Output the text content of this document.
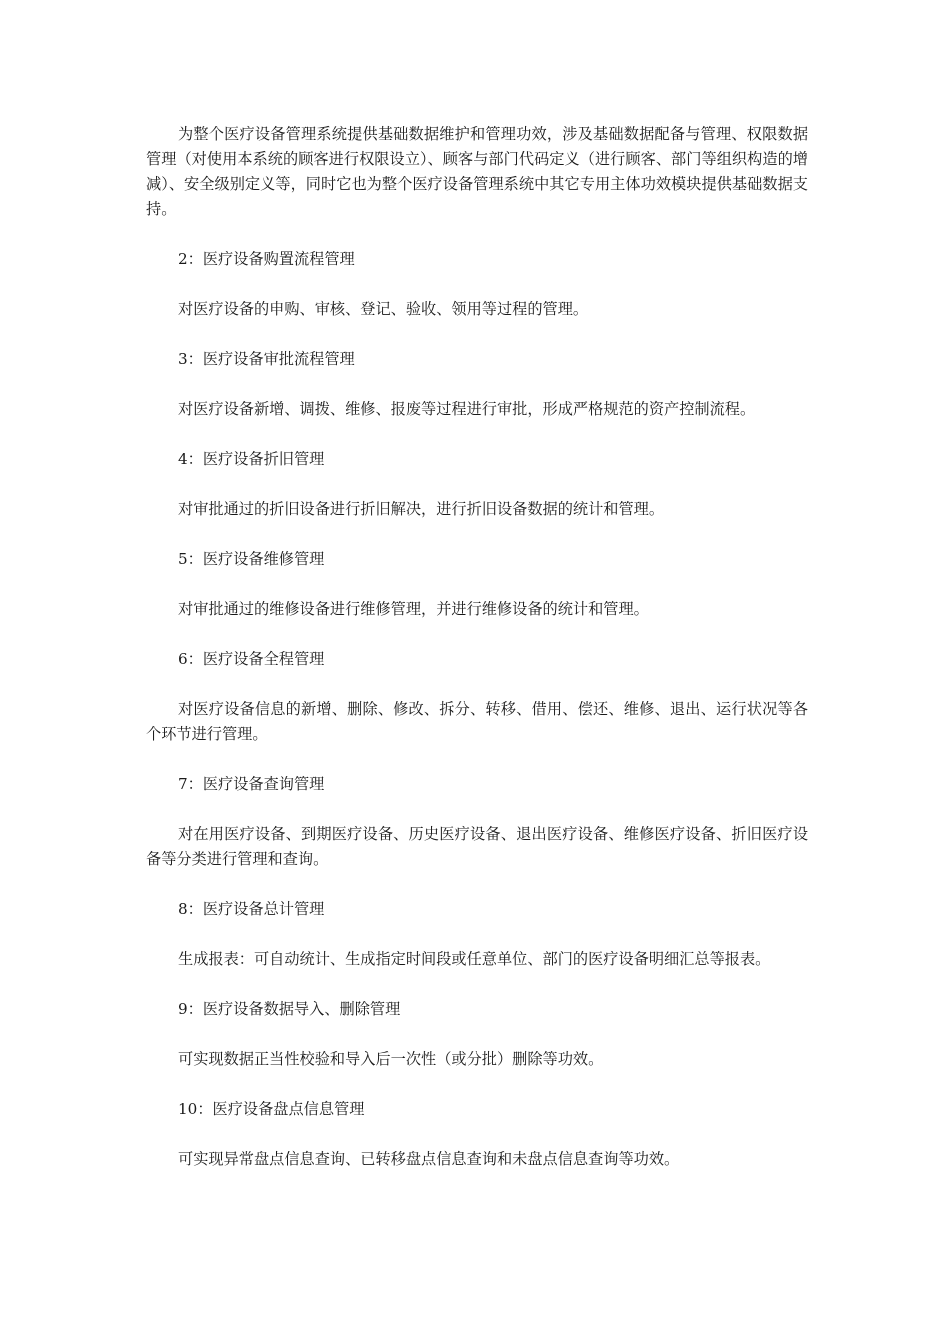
为整个医疗设备管理系统提供基础数据维护和管理功效，涉及基础数据配备与管理、权限数据管理（对使用本系统的顾客进行权限设立）、顾客与部门代码定义（进行顾客、部门等组织构造的增减）、安全级别定义等，同时它也为整个医疗设备管理系统中其它专用主体功效模块提供基础数据支持。

2：医疗设备购置流程管理

对医疗设备的申购、审核、登记、验收、领用等过程的管理。

3：医疗设备审批流程管理

对医疗设备新增、调拨、维修、报废等过程进行审批，形成严格规范的资产控制流程。

4：医疗设备折旧管理

对审批通过的折旧设备进行折旧解决，进行折旧设备数据的统计和管理。

5：医疗设备维修管理

对审批通过的维修设备进行维修管理，并进行维修设备的统计和管理。

6：医疗设备全程管理

对医疗设备信息的新增、删除、修改、拆分、转移、借用、偿还、维修、退出、运行状况等各个环节进行管理。

7：医疗设备查询管理

对在用医疗设备、到期医疗设备、历史医疗设备、退出医疗设备、维修医疗设备、折旧医疗设备等分类进行管理和查询。

8：医疗设备总计管理

生成报表：可自动统计、生成指定时间段或任意单位、部门的医疗设备明细汇总等报表。

9：医疗设备数据导入、删除管理

可实现数据正当性校验和导入后一次性（或分批）删除等功效。

10：医疗设备盘点信息管理

可实现异常盘点信息查询、已转移盘点信息查询和未盘点信息查询等功效。
